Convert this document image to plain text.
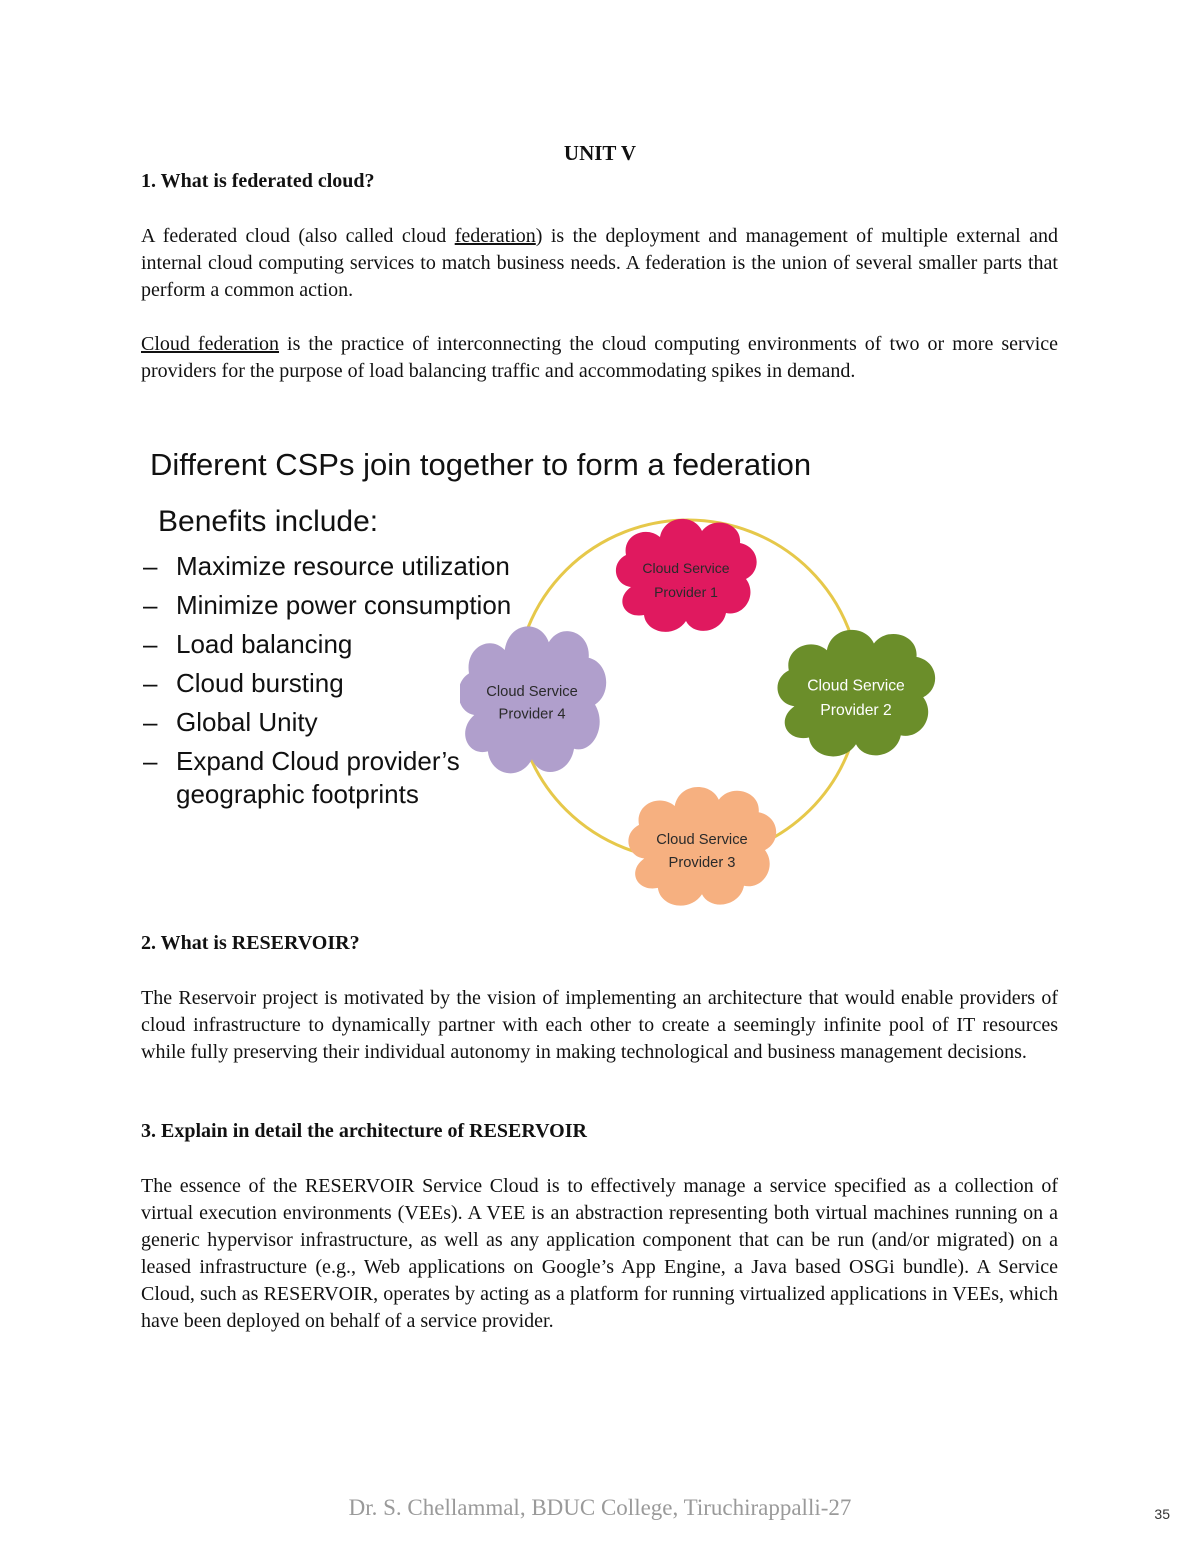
UNIT V
1. What is federated cloud?

A federated cloud (also called cloud federation) is the deployment and management of multiple external and internal cloud computing services to match business needs. A federation is the union of several smaller parts that perform a common action.

Cloud federation is the practice of interconnecting the cloud computing environments of two or more service providers for the purpose of load balancing traffic and accommodating spikes in demand.

Different CSPs join together to form a federation
Benefits include:
– Maximize resource utilization
– Minimize power consumption
– Load balancing
– Cloud bursting
– Global Unity
– Expand Cloud provider’s geographic footprints
Cloud Service
Provider 1
Cloud Service
Provider 2
Cloud Service
Provider 3
Cloud Service
Provider 4
2. What is RESERVOIR?

The Reservoir project is motivated by the vision of implementing an architecture that would enable providers of cloud infrastructure to dynamically partner with each other to create a seemingly infinite pool of IT resources while fully preserving their individual autonomy in making technological and business management decisions.

3. Explain in detail the architecture of RESERVOIR

The essence of the RESERVOIR Service Cloud is to effectively manage a service specified as a collection of virtual execution environments (VEEs). A VEE is an abstraction representing both virtual machines running on a generic hypervisor infrastructure, as well as any application component that can be run (and/or migrated) on a leased infrastructure (e.g., Web applications on Google’s App Engine, a Java based OSGi bundle). A Service Cloud, such as RESERVOIR, operates by acting as a platform for running virtualized applications in VEEs, which have been deployed on behalf of a service provider.

Dr. S. Chellammal, BDUC College, Tiruchirappalli-27	35
